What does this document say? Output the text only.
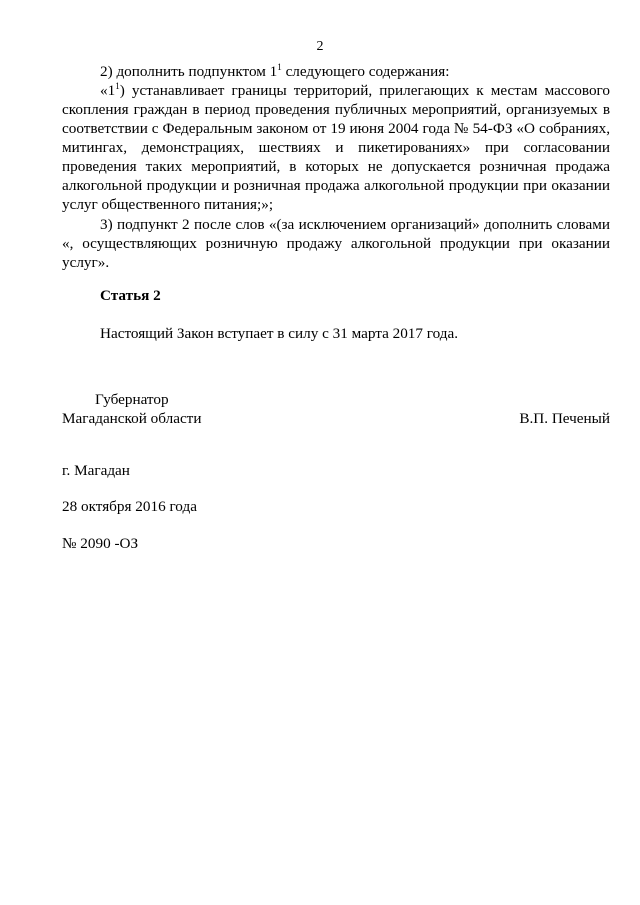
2

2) дополнить подпунктом $1^1$ следующего содержания:

«$1^1$) устанавливает границы территорий, прилегающих к местам массового скопления граждан в период проведения публичных мероприятий, организуемых в соответствии с Федеральным законом от 19 июня 2004 года № 54-ФЗ «О собраниях, митингах, демонстрациях, шествиях и пикетированиях» при согласовании проведения таких мероприятий, в которых не допускается розничная продажа алкогольной продукции и розничная продажа алкогольной продукции при оказании услуг общественного питания;»;

3) подпункт 2 после слов «(за исключением организаций» дополнить словами «, осуществляющих розничную продажу алкогольной продукции при оказании услуг».

Статья 2

Настоящий Закон вступает в силу с 31 марта 2017 года.

Губернатор
Магаданской области	В.П. Печеный

г. Магадан

28 октября 2016 года

№ 2090 -ОЗ
